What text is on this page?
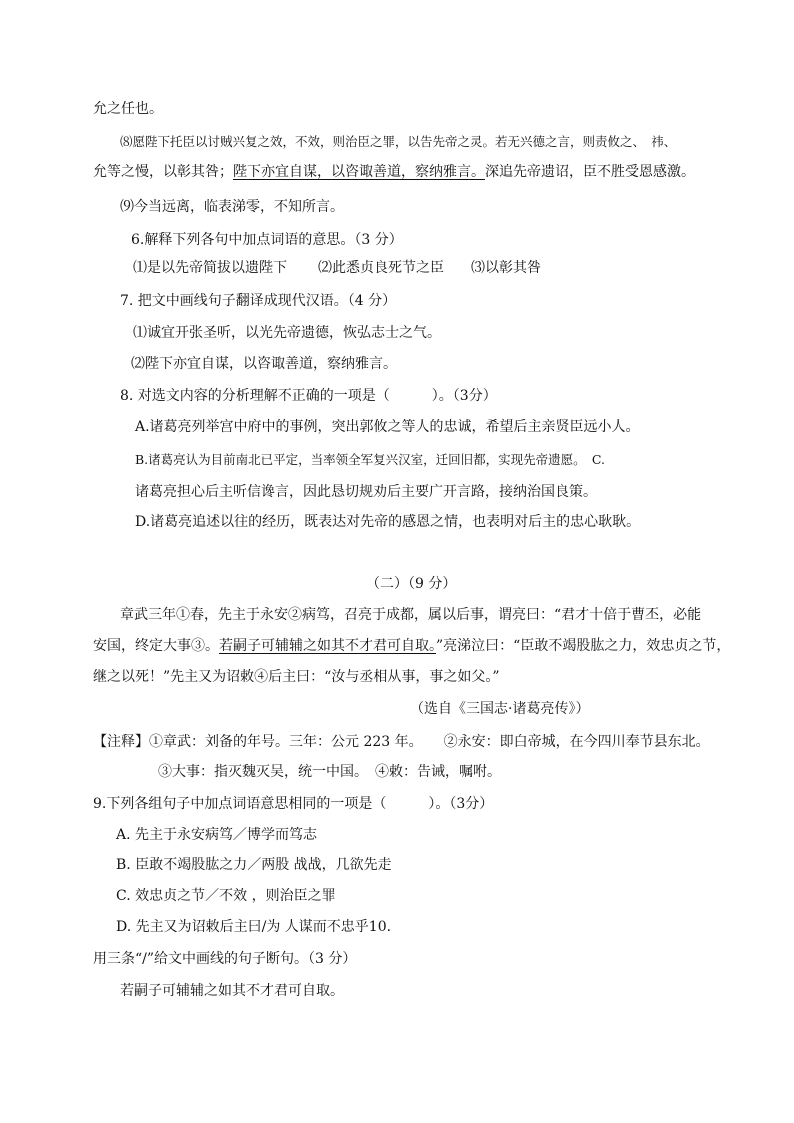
允之任也。
⑻愿陛下托臣以讨贼兴复之效，不效，则治臣之罪，以告先帝之灵。若无兴德之言，则责攸之、　祎、
允等之慢，以彰其咎；陛下亦宜自谋，以咨诹善道，察纳雅言。深追先帝遗诏，臣不胜受恩感激。
⑼今当远离，临表涕零，不知所言。
6.解释下列各句中加点词语的意思。（3 分）
⑴是以先帝简拔以遗陛下 ⑵此悉贞良死节之臣 ⑶以彰其咎
7. 把文中画线句子翻译成现代汉语。（4 分）
⑴诚宜开张圣听，以光先帝遗德，恢弘志士之气。
⑵陛下亦宜自谋，以咨诹善道，察纳雅言。
8. 对选文内容的分析理解不正确的一项是（　　　）。（3分）
A.诸葛亮列举宫中府中的事例，突出郭攸之等人的忠诚，希望后主亲贤臣远小人。
B.诸葛亮认为目前南北已平定，当率领全军复兴汉室，迁回旧都，实现先帝遗愿。　C.
诸葛亮担心后主听信谗言，因此恳切规劝后主要广开言路，接纳治国良策。
D.诸葛亮追述以往的经历，既表达对先帝的感恩之情，也表明对后主的忠心耿耿。
（二）（9 分）
章武三年①春，先主于永安②病笃，召亮于成都，属以后事，谓亮曰：“君才十倍于曹丕，必能
安国，终定大事③。若嗣子可辅辅之如其不才君可自取。”亮涕泣曰：“臣敢不竭股肱之力，效忠贞之节，
继之以死！”先主又为诏敕④后主曰：“汝与丞相从事，事之如父。”
（选自《三国志·诸葛亮传》）
【注释】①章武：刘备的年号。三年：公元 223 年。　　②永安：即白帝城，在今四川奉节县东北。
③大事：指灭魏灭吴，统一中国。　④敕：告诫，嘱咐。
9.下列各组句子中加点词语意思相同的一项是（　　　）。（3分）
A. 先主于永安病笃／博学而笃志
B. 臣敢不竭股肱之力／两股 战战，几欲先走
C. 效忠贞之节／不效 ，则治臣之罪
D. 先主又为诏敕后主曰/为 人谋而不忠乎10.
用三条“/”给文中画线的句子断句。（3 分）
若嗣子可辅辅之如其不才君可自取。
